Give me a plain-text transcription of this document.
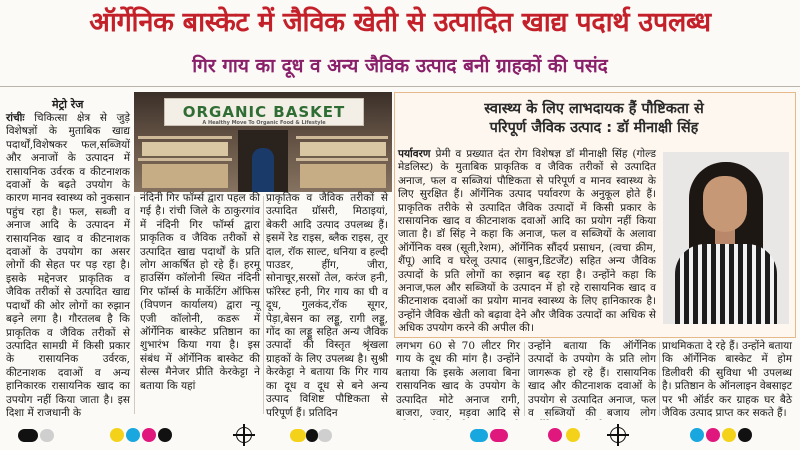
ऑर्गेनिक बास्केट में जैविक खेती से उत्पादित खाद्य पदार्थ उपलब्ध
गिर गाय का दूध व अन्य जैविक उत्पाद बनी ग्राहकों की पसंद
मेट्रो रेज
रांचीः चिकित्सा क्षेत्र से जुड़े विशेषज्ञों के मुताबिक खाद्य पदार्थों,विशेषकर फल,सब्जियों और अनाजों के उत्पादन में रासायनिक उर्वरक व कीटनाशक दवाओं के बढ़ते उपयोग के कारण मानव स्वास्थ्य को नुकसान पहुंच रहा है। फल, सब्जी व अनाज आदि के उत्पादन में रासायनिक खाद व कीटनाशक दवाओं के उपयोग का असर लोगों की सेहत पर पड़ रहा है। इसके मद्देनजर प्राकृतिक व जैविक तरीकों से उत्पादित खाद्य पदार्थों की ओर लोगों का रुझान बढ़ने लगा है। गौरतलब है कि प्राकृतिक व जैविक तरीकों से उत्पादित सामग्री में किसी प्रकार के रासायनिक उर्वरक, कीटनाशक दवाओं व अन्य हानिकारक रासायनिक खाद का उपयोग नहीं किया जाता है। इस दिशा में राजधानी के
ORGANIC BASKET
A Healthy Move To Organic Food & Lifestyle
नंदिनी गिर फॉर्म्स द्वारा पहल की गई है। रांची जिले के ठाकुरगांव में नंदिनी गिर फॉर्म्स द्वारा प्राकृतिक व जैविक तरीकों से उत्पादित खाद्य पदार्थों के प्रति लोग आकर्षित हो रहे हैं। हरमू हाउसिंग कॉलोनी स्थित नंदिनी गिर फॉर्म्स के मार्केटिंग ऑफिस (विपणन कार्यालय) द्वारा न्यू एजी कॉलोनी, कडरू में ऑर्गेनिक बास्केट प्रतिष्ठान का शुभारंभ किया गया है। इस संबंध में ऑर्गेनिक बास्केट की सेल्स मैनेजर प्रीति केरकेट्टा ने बताया कि यहां
प्राकृतिक व जैविक तरीकों से उत्पादित ग्रॉसरी, मिठाइयां, बेकरी आदि उत्पाद उपलब्ध हैं। इसमें रेड राइस, ब्लैक राइस, तूर दाल, रॉक साल्ट, धनिया व हल्दी पाउडर, हींग, जीरा, सोनाचूर,सरसों तेल, करंज हनी, फॉरेस्ट हनी, गिर गाय का घी व दूध, गुलकंद,रॉक सूगर, पेड़ा,बेसन का लड्डू, रागी लड्डू, गोंद का लड्डू सहित अन्य जैविक उत्पादों की विस्तृत श्रृंखला ग्राहकों के लिए उपलब्ध है। सुश्री केरकेट्टा ने बताया कि गिर गाय का दूध व दूध से बने अन्य उत्पाद विशिष्ट पौष्टिकता से परिपूर्ण हैं। प्रतिदिन
स्वास्थ्य के लिए लाभदायक हैं पौष्टिकता से
परिपूर्ण जैविक उत्पाद : डॉ मीनाक्षी सिंह
पर्यावरण प्रेमी व प्रख्यात दंत रोग विशेषज्ञ डॉ मीनाक्षी सिंह (गोल्ड मेडलिस्ट) के मुताबिक प्राकृतिक व जैविक तरीकों से उत्पादित अनाज, फल व सब्जियां पौष्टिकता से परिपूर्ण व मानव स्वास्थ्य के लिए सुरक्षित हैं। ऑर्गेनिक उत्पाद पर्यावरण के अनुकूल होते हैं। प्राकृतिक तरीके से उत्पादित जैविक उत्पादों में किसी प्रकार के रासायनिक खाद व कीटनाशक दवाओं आदि का प्रयोग नहीं किया जाता है। डॉ सिंह ने कहा कि अनाज, फल व सब्जियों के अलावा ऑर्गेनिक वस्त्र (सूती,रेशम), ऑर्गेनिक सौंदर्य प्रसाधन, (त्वचा क्रीम, शैंपू) आदि व घरेलू उत्पाद (साबुन,डिटर्जेंट) सहित अन्य जैविक उत्पादों के प्रति लोगों का रुझान बढ़ रहा है। उन्होंने कहा कि अनाज,फल और सब्जियों के उत्पादन में हो रहे रासायनिक खाद व कीटनाशक दवाओं का प्रयोग मानव स्वास्थ्य के लिए हानिकारक है। उन्होंने जैविक खेती को बढ़ावा देने और जैविक उत्पादों का अधिक से अधिक उपयोग करने की अपील की।
लगभग 60 से 70 लीटर गिर गाय के दूध की मांग है। उन्होंने बताया कि इसके अलावा बिना रासायनिक खाद के उपयोग के उत्पादित मोटे अनाज रागी, बाजरा, ज्वार, मड़वा आदि से
उन्होंने बताया कि ऑर्गेनिक उत्पादों के उपयोग के प्रति लोग जागरूक हो रहे हैं। रासायनिक खाद और कीटनाशक दवाओं के उपयोग से उत्पादित अनाज, फल व सब्जियों की बजाय लोग
प्राथमिकता दे रहे हैं। उन्होंने बताया कि ऑर्गेनिक बास्केट में होम डिलीवरी की सुविधा भी उपलब्ध है। प्रतिष्ठान के ऑनलाइन वेबसाइट पर भी ऑर्डर कर ग्राहक घर बैठे जैविक उत्पाद प्राप्त कर सकते हैं।
